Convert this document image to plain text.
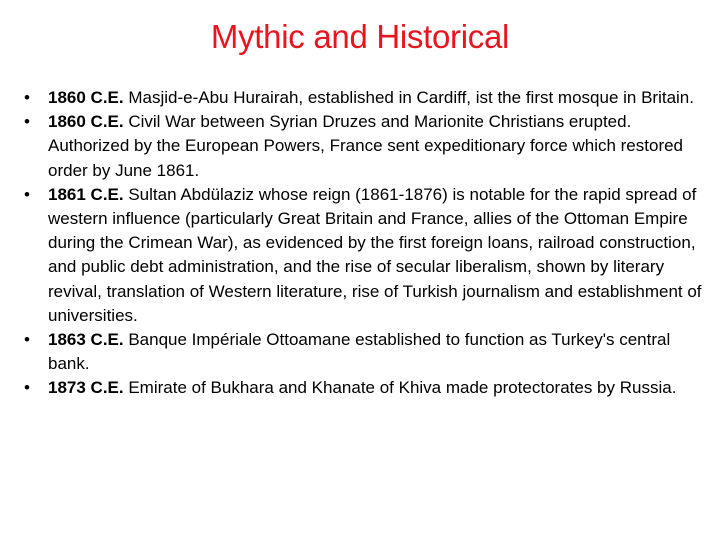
Mythic and Historical
• 1860 C.E. Masjid-e-Abu Hurairah, established in Cardiff, ist the first mosque in Britain.
• 1860 C.E. Civil War between Syrian Druzes and Marionite Christians erupted. Authorized by the European Powers, France sent expeditionary force which restored order by June 1861.
• 1861 C.E. Sultan Abdülaziz whose reign (1861-1876) is notable for the rapid spread of western influence (particularly Great Britain and France, allies of the Ottoman Empire during the Crimean War), as evidenced by the first foreign loans, railroad construction, and public debt administration, and the rise of secular liberalism, shown by literary revival, translation of Western literature, rise of Turkish journalism and establishment of universities.
• 1863 C.E. Banque Impériale Ottoamane established to function as Turkey's central bank.
• 1873 C.E. Emirate of Bukhara and Khanate of Khiva made protectorates by Russia.
